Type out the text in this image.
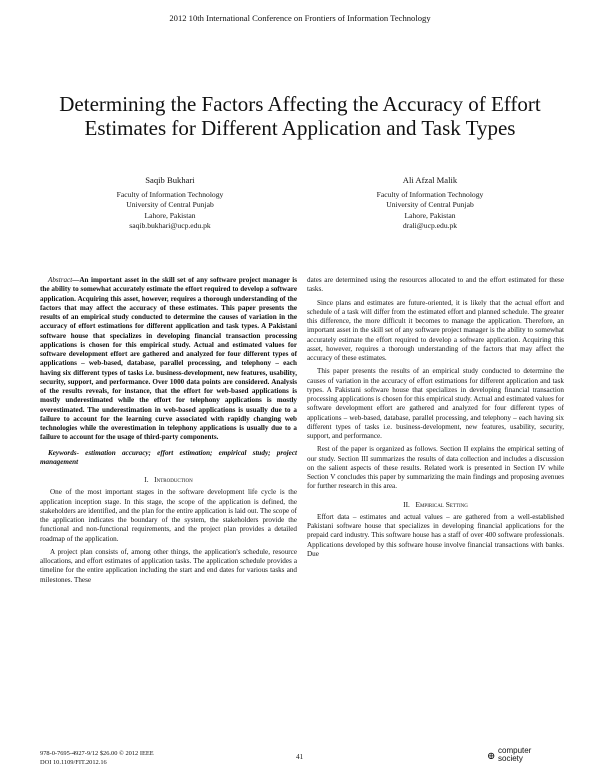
2012 10th International Conference on Frontiers of Information Technology
Determining the Factors Affecting the Accuracy of Effort Estimates for Different Application and Task Types
Saqib Bukhari
Faculty of Information Technology
University of Central Punjab
Lahore, Pakistan
saqib.bukhari@ucp.edu.pk
Ali Afzal Malik
Faculty of Information Technology
University of Central Punjab
Lahore, Pakistan
drali@ucp.edu.pk

Abstract—An important asset in the skill set of any software project manager is the ability to somewhat accurately estimate the effort required to develop a software application. Acquiring this asset, however, requires a thorough understanding of the factors that may affect the accuracy of these estimates. This paper presents the results of an empirical study conducted to determine the causes of variation in the accuracy of effort estimations for different application and task types. A Pakistani software house that specializes in developing financial transaction processing applications is chosen for this empirical study. Actual and estimated values for software development effort are gathered and analyzed for four different types of applications – web-based, database, parallel processing, and telephony – each having six different types of tasks i.e. business-development, new features, usability, security, support, and performance. Over 1000 data points are considered. Analysis of the results reveals, for instance, that the effort for web-based applications is mostly underestimated while the effort for telephony applications is mostly overestimated. The underestimation in web-based applications is usually due to a failure to account for the learning curve associated with rapidly changing web technologies while the overestimation in telephony applications is usually due to a failure to account for the usage of third-party components.

Keywords- estimation accuracy; effort estimation; empirical study; project management

I. Introduction

One of the most important stages in the software development life cycle is the application inception stage. In this stage, the scope of the application is defined, the stakeholders are identified, and the plan for the entire application is laid out. The scope of the application indicates the boundary of the system, the stakeholders provide the functional and non-functional requirements, and the project plan provides a detailed roadmap of the application.

A project plan consists of, among other things, the application's schedule, resource allocations, and effort estimates of application tasks. The application schedule provides a timeline for the entire application including the start and end dates for various tasks and milestones. These

dates are determined using the resources allocated to and the effort estimated for these tasks.

Since plans and estimates are future-oriented, it is likely that the actual effort and schedule of a task will differ from the estimated effort and planned schedule. The greater this difference, the more difficult it becomes to manage the application. Therefore, an important asset in the skill set of any software project manager is the ability to somewhat accurately estimate the effort required to develop a software application. Acquiring this asset, however, requires a thorough understanding of the factors that may affect the accuracy of these estimates.

This paper presents the results of an empirical study conducted to determine the causes of variation in the accuracy of effort estimations for different application and task types. A Pakistani software house that specializes in developing financial transaction processing applications is chosen for this empirical study. Actual and estimated values for software development effort are gathered and analyzed for four different types of applications – web-based, database, parallel processing, and telephony – each having six different types of tasks i.e. business-development, new features, usability, security, support, and performance.

Rest of the paper is organized as follows. Section II explains the empirical setting of our study. Section III summarizes the results of data collection and includes a discussion on the salient aspects of these results. Related work is presented in Section IV while Section V concludes this paper by summarizing the main findings and proposing avenues for further research in this area.

II. Empirical Setting

Effort data – estimates and actual values – are gathered from a well-established Pakistani software house that specializes in developing financial applications for the prepaid card industry. This software house has a staff of over 400 software professionals. Applications developed by this software house involve financial transactions with banks. Due

978-0-7695-4927-9/12 $26.00 © 2012 IEEE
DOI 10.1109/FIT.2012.16
41	⊕
computer
society
